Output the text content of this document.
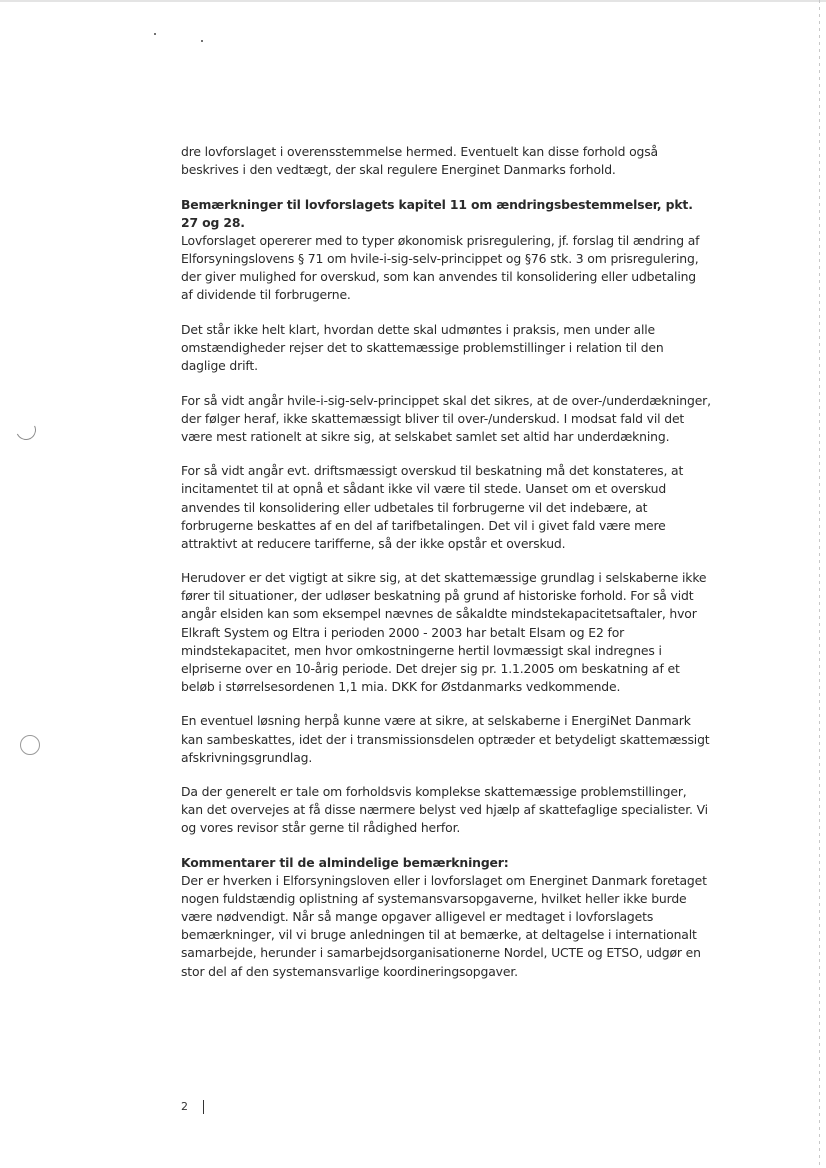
dre lovforslaget i overensstemmelse hermed. Eventuelt kan disse forhold også beskrives i den vedtægt, der skal regulere Energinet Danmarks forhold.

Bemærkninger til lovforslagets kapitel 11 om ændringsbestemmelser, pkt. 27 og 28.

Lovforslaget opererer med to typer økonomisk prisregulering, jf. forslag til ændring af Elforsyningslovens § 71 om hvile-i-sig-selv-princippet og §76 stk. 3 om prisregulering, der giver mulighed for overskud, som kan anvendes til konsolidering eller udbetaling af dividende til forbrugerne.

Det står ikke helt klart, hvordan dette skal udmøntes i praksis, men under alle omstændigheder rejser det to skattemæssige problemstillinger i relation til den daglige drift.

For så vidt angår hvile-i-sig-selv-princippet skal det sikres, at de over-/underdækninger, der følger heraf, ikke skattemæssigt bliver til over-/underskud. I modsat fald vil det være mest rationelt at sikre sig, at selskabet samlet set altid har underdækning.

For så vidt angår evt. driftsmæssigt overskud til beskatning må det konstateres, at incitamentet til at opnå et sådant ikke vil være til stede. Uanset om et overskud anvendes til konsolidering eller udbetales til forbrugerne vil det indebære, at forbrugerne beskattes af en del af tarifbetalingen. Det vil i givet fald være mere attraktivt at reducere tarifferne, så der ikke opstår et overskud.

Herudover er det vigtigt at sikre sig, at det skattemæssige grundlag i selskaberne ikke fører til situationer, der udløser beskatning på grund af historiske forhold. For så vidt angår elsiden kan som eksempel nævnes de såkaldte mindstekapacitetsaftaler, hvor Elkraft System og Eltra i perioden 2000 - 2003 har betalt Elsam og E2 for mindstekapacitet, men hvor omkostningerne hertil lovmæssigt skal indregnes i elpriserne over en 10-årig periode. Det drejer sig pr. 1.1.2005 om beskatning af et beløb i størrelsesordenen 1,1 mia. DKK for Østdanmarks vedkommende.

En eventuel løsning herpå kunne være at sikre, at selskaberne i EnergiNet Danmark kan sambeskattes, idet der i transmissionsdelen optræder et betydeligt skattemæssigt afskrivningsgrundlag.

Da der generelt er tale om forholdsvis komplekse skattemæssige problemstillinger, kan det overvejes at få disse nærmere belyst ved hjælp af skattefaglige specialister. Vi og vores revisor står gerne til rådighed herfor.

Kommentarer til de almindelige bemærkninger:

Der er hverken i Elforsyningsloven eller i lovforslaget om Energinet Danmark foretaget nogen fuldstændig oplistning af systemansvarsopgaverne, hvilket heller ikke burde være nødvendigt. Når så mange opgaver alligevel er medtaget i lovforslagets bemærkninger, vil vi bruge anledningen til at bemærke, at deltagelse i internationalt samarbejde, herunder i samarbejdsorganisationerne Nordel, UCTE og ETSO, udgør en stor del af den systemansvarlige koordineringsopgaver.

2
